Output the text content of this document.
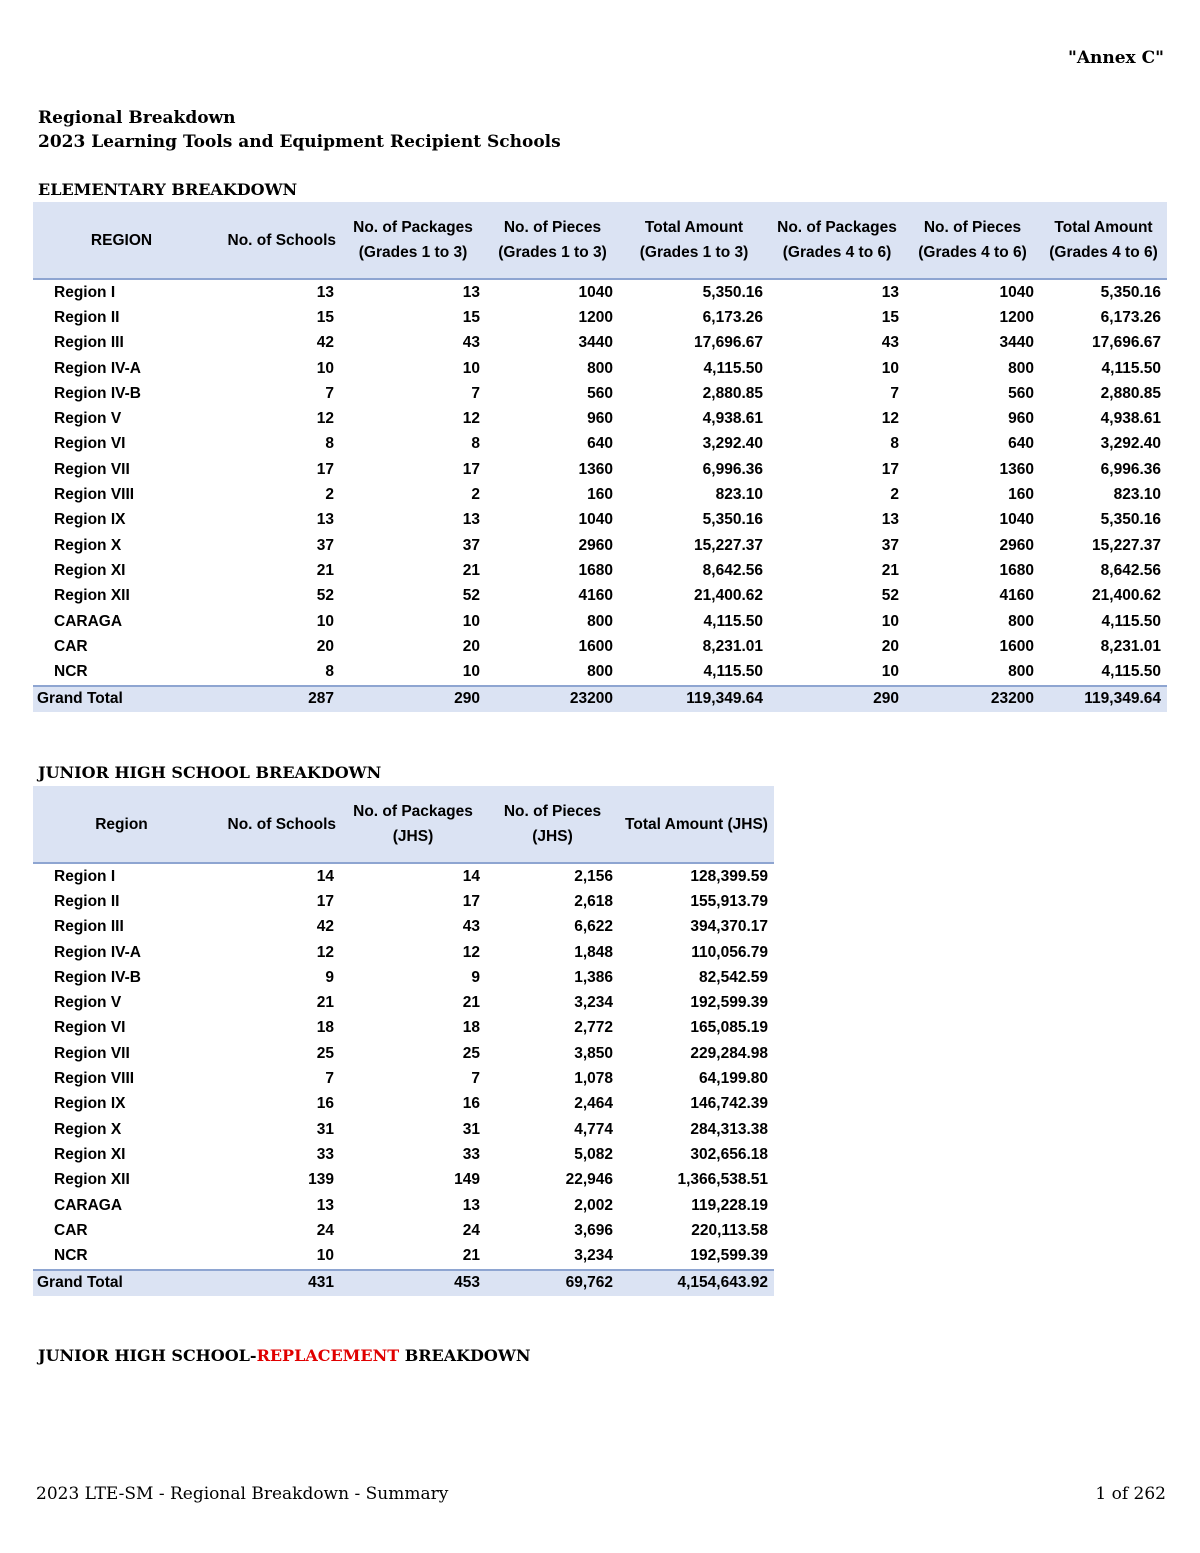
"Annex C"
Regional Breakdown
2023 Learning Tools and Equipment Recipient Schools
ELEMENTARY BREAKDOWN
REGION	No. of Schools	No. of Packages (Grades 1 to 3)	No. of Pieces (Grades 1 to 3)	Total Amount (Grades 1 to 3)	No. of Packages (Grades 4 to 6)	No. of Pieces (Grades 4 to 6)	Total Amount (Grades 4 to 6)
Region I	13	13	1040	5,350.16	13	1040	5,350.16
Region II	15	15	1200	6,173.26	15	1200	6,173.26
Region III	42	43	3440	17,696.67	43	3440	17,696.67
Region IV-A	10	10	800	4,115.50	10	800	4,115.50
Region IV-B	7	7	560	2,880.85	7	560	2,880.85
Region V	12	12	960	4,938.61	12	960	4,938.61
Region VI	8	8	640	3,292.40	8	640	3,292.40
Region VII	17	17	1360	6,996.36	17	1360	6,996.36
Region VIII	2	2	160	823.10	2	160	823.10
Region IX	13	13	1040	5,350.16	13	1040	5,350.16
Region X	37	37	2960	15,227.37	37	2960	15,227.37
Region XI	21	21	1680	8,642.56	21	1680	8,642.56
Region XII	52	52	4160	21,400.62	52	4160	21,400.62
CARAGA	10	10	800	4,115.50	10	800	4,115.50
CAR	20	20	1600	8,231.01	20	1600	8,231.01
NCR	8	10	800	4,115.50	10	800	4,115.50
Grand Total	287	290	23200	119,349.64	290	23200	119,349.64
JUNIOR HIGH SCHOOL BREAKDOWN
Region	No. of Schools	No. of Packages (JHS)	No. of Pieces (JHS)	Total Amount (JHS)
Region I	14	14	2,156	128,399.59
Region II	17	17	2,618	155,913.79
Region III	42	43	6,622	394,370.17
Region IV-A	12	12	1,848	110,056.79
Region IV-B	9	9	1,386	82,542.59
Region V	21	21	3,234	192,599.39
Region VI	18	18	2,772	165,085.19
Region VII	25	25	3,850	229,284.98
Region VIII	7	7	1,078	64,199.80
Region IX	16	16	2,464	146,742.39
Region X	31	31	4,774	284,313.38
Region XI	33	33	5,082	302,656.18
Region XII	139	149	22,946	1,366,538.51
CARAGA	13	13	2,002	119,228.19
CAR	24	24	3,696	220,113.58
NCR	10	21	3,234	192,599.39
Grand Total	431	453	69,762	4,154,643.92
JUNIOR HIGH SCHOOL-REPLACEMENT BREAKDOWN
2023 LTE-SM - Regional Breakdown - Summary	1 of 262
